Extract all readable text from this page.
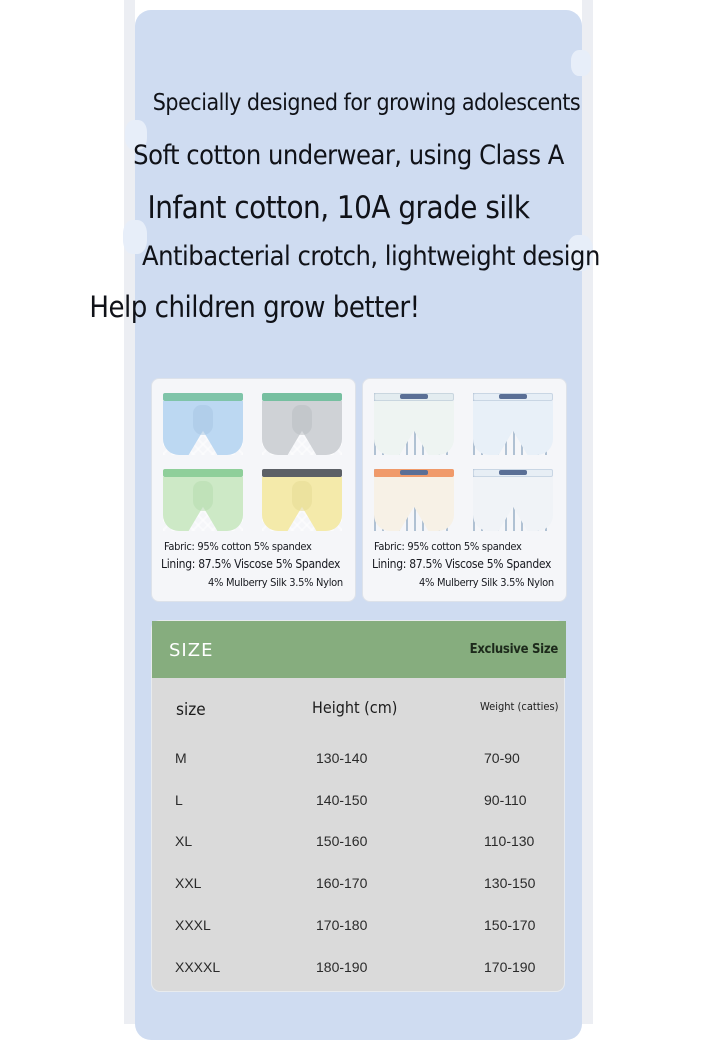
Specially designed for growing adolescents
Soft cotton underwear, using Class A
Infant cotton, 10A grade silk
Antibacterial crotch, lightweight design
Help children grow better!
Fabric: 95% cotton 5% spandex
Lining: 87.5% Viscose 5% Spandex
4% Mulberry Silk 3.5% Nylon
Fabric: 95% cotton 5% spandex
Lining: 87.5% Viscose 5% Spandex
4% Mulberry Silk 3.5% Nylon
SIZE	Exclusive Size
size	Height (cm)	Weight (catties)
M	130-140	70-90
L	140-150	90-110
XL	150-160	110-130
XXL	160-170	130-150
XXXL	170-180	150-170
XXXXL	180-190	170-190
